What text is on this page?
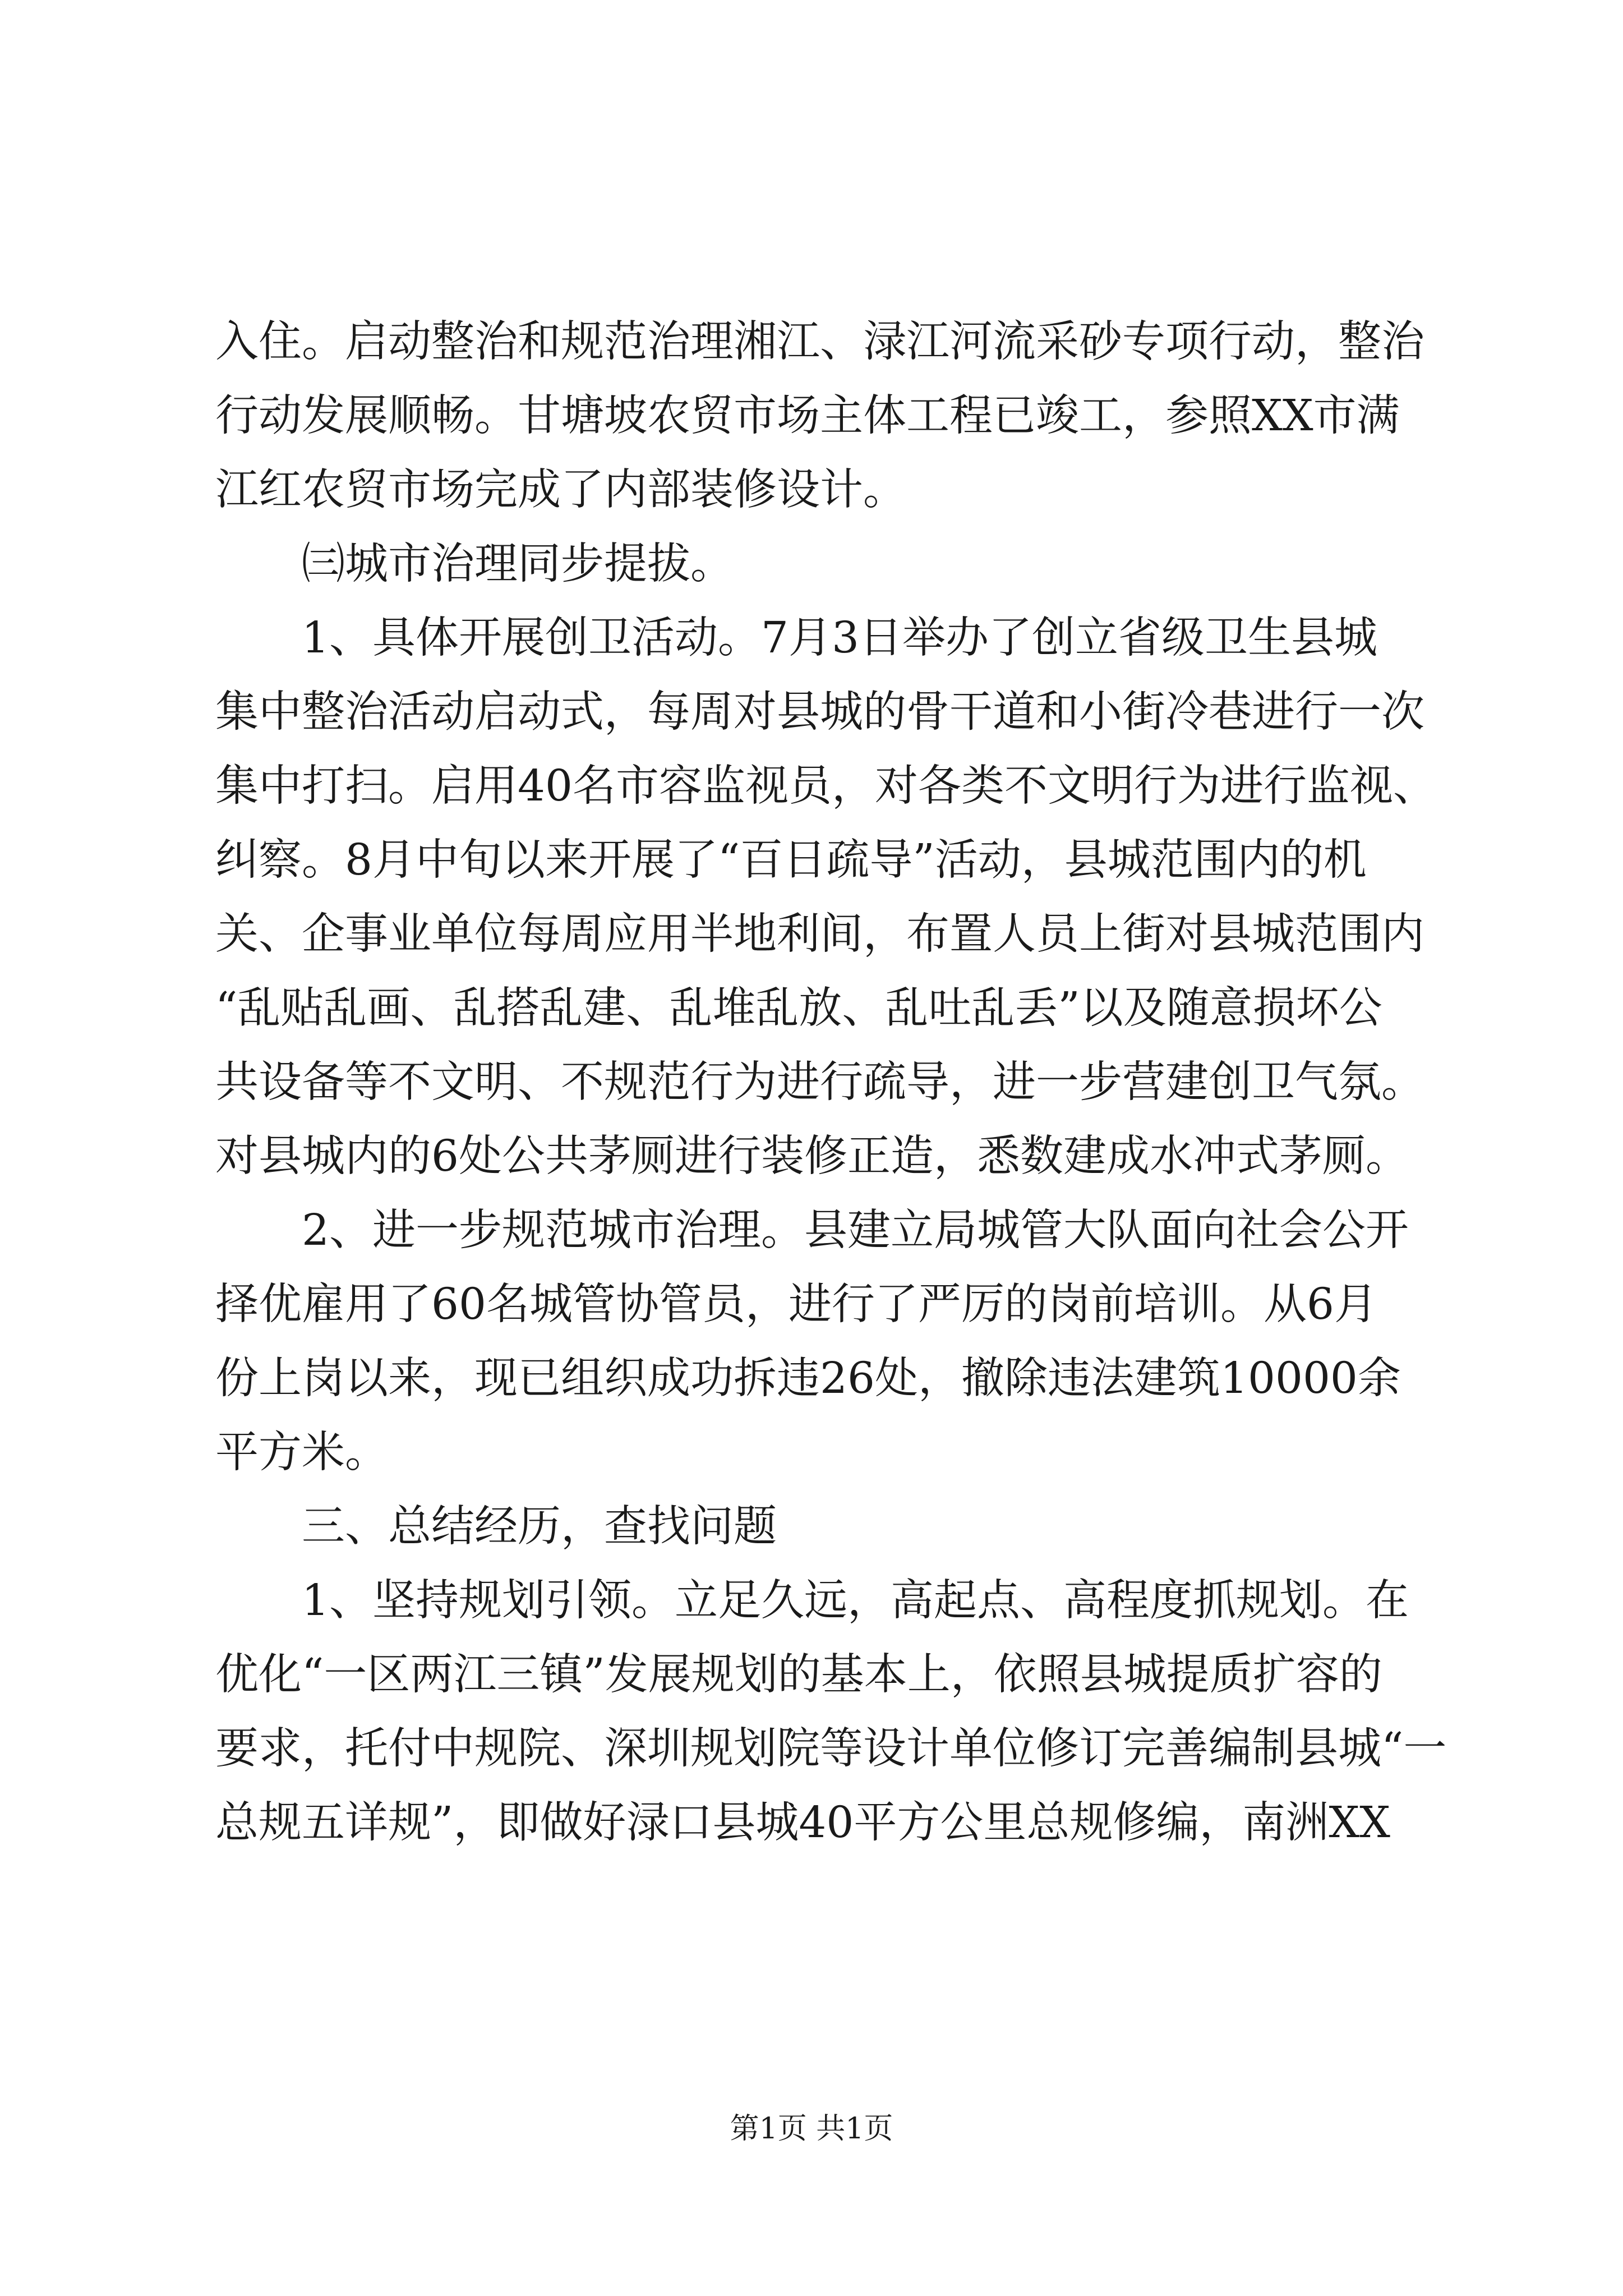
入住。启动整治和规范治理湘江、渌江河流采砂专项行动，整治
行动发展顺畅。甘塘坡农贸市场主体工程已竣工，参照XX市满
江红农贸市场完成了内部装修设计。
㈢城市治理同步提拔。
1、具体开展创卫活动。7月3日举办了创立省级卫生县城
集中整治活动启动式，每周对县城的骨干道和小街冷巷进行一次
集中打扫。启用40名市容监视员，对各类不文明行为进行监视、
纠察。8月中旬以来开展了“百日疏导”活动，县城范围内的机
关、企事业单位每周应用半地利间，布置人员上街对县城范围内
“乱贴乱画、乱搭乱建、乱堆乱放、乱吐乱丢”以及随意损坏公
共设备等不文明、不规范行为进行疏导，进一步营建创卫气氛。
对县城内的6处公共茅厕进行装修正造，悉数建成水冲式茅厕。
2、进一步规范城市治理。县建立局城管大队面向社会公开
择优雇用了60名城管协管员，进行了严厉的岗前培训。从6月
份上岗以来，现已组织成功拆违26处，撤除违法建筑10000余
平方米。
三、总结经历，查找问题
1、坚持规划引领。立足久远，高起点、高程度抓规划。在
优化“一区两江三镇”发展规划的基本上，依照县城提质扩容的
要求，托付中规院、深圳规划院等设计单位修订完善编制县城“一
总规五详规”，即做好渌口县城40平方公里总规修编，南洲XX
第1页 共1页
